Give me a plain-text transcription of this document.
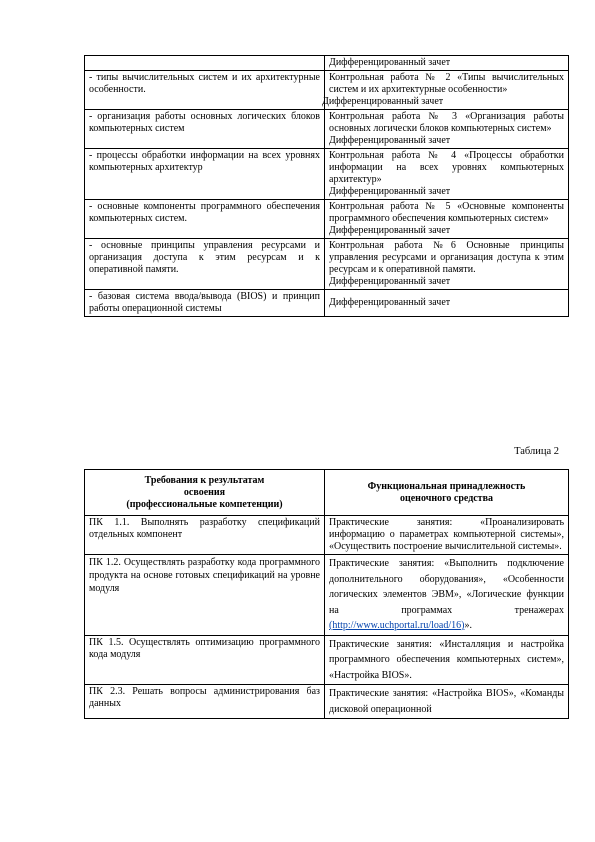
	Дифференцированный зачет

- типы вычислительных систем и их архитектурные особенности.	Контрольная работа № 2 «Типы вычислительных систем и их архитектурные особенности»
Дифференцированный зачет

- организация работы основных логических блоков компьютерных систем	Контрольная работа № 3 «Организация работы основных логически блоков компьютерных систем»
Дифференцированный зачет

- процессы обработки информации на всех уровнях компьютерных архитектур	Контрольная работа № 4 «Процессы обработки информации на всех уровнях компьютерных архитектур»
Дифференцированный зачет

- основные компоненты программного обеспечения компьютерных систем.	Контрольная работа № 5 «Основные компоненты программного обеспечения компьютерных систем»
Дифференцированный зачет

- основные принципы управления ресурсами и организация доступа к этим ресурсам и к оперативной памяти.	Контрольная работа №6 Основные принципы управления ресурсами и организация доступа к этим ресурсам и к оперативной памяти.
Дифференцированный зачет

- базовая система ввода/вывода (BIOS) и принцип работы операционной системы	Дифференцированный зачет
Таблица 2
Требования к результатам
освоения
(профессиональные компетенции)	Функциональная принадлежность
оценочного средства

ПК 1.1. Выполнять разработку спецификаций отдельных компонент	Практические занятия: «Проанализировать информацию о параметрах компьютерной системы», «Осуществить построение вычислительной системы».
ПК 1.2. Осуществлять разработку кода программного продукта на основе готовых спецификаций на уровне модуля	Практические занятия: «Выполнить подключение дополнительного оборудования», «Особенности логических элементов ЭВМ», «Логические функции на программах тренажерах (http://www.uchportal.ru/load/16)».
ПК 1.5. Осуществлять оптимизацию программного кода модуля	Практические занятия: «Инсталляция и настройка программного обеспечения компьютерных систем», «Настройка BIOS».
ПК 2.3. Решать вопросы администрирования баз данных	Практические занятия: «Настройка BIOS», «Команды дисковой операционной
